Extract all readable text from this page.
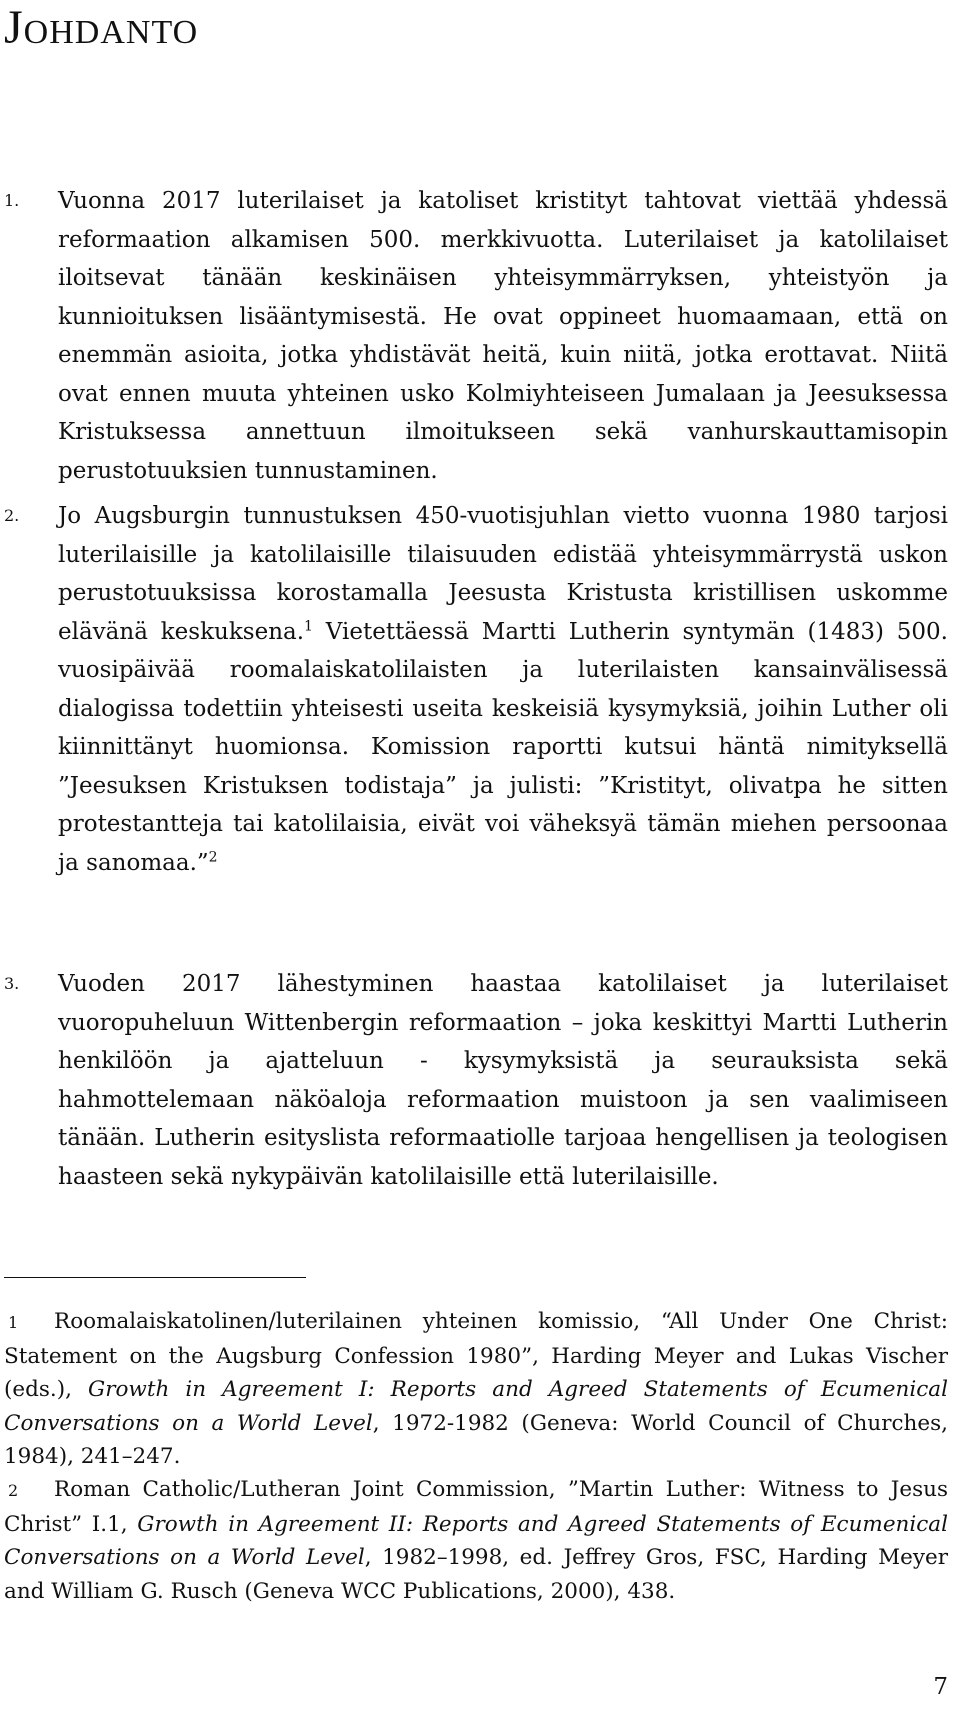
Johdanto
1. Vuonna 2017 luterilaiset ja katoliset kristityt tahtovat viettää yhdessä reformaation alkamisen 500. merkkivuotta. Luterilaiset ja katolilaiset iloitsevat tänään keskinäisen yhteisymmärryksen, yhteistyön ja kunnioituksen lisääntymisestä. He ovat oppineet huomaamaan, että on enemmän asioita, jotka yhdistävät heitä, kuin niitä, jotka erottavat. Niitä ovat ennen muuta yhteinen usko Kolmiyhteiseen Jumalaan ja Jeesuksessa Kristuksessa annettuun ilmoitukseen sekä vanhurskauttamisopin perustotuuksien tunnustaminen.

2. Jo Augsburgin tunnustuksen 450-vuotisjuhlan vietto vuonna 1980 tarjosi luterilaisille ja katolilaisille tilaisuuden edistää yhteisymmärrystä uskon perustotuuksissa korostamalla Jeesusta Kristusta kristillisen uskomme elävänä keskuksena.$^1$ Vietettäessä Martti Lutherin syntymän (1483) 500. vuosipäivää roomalaiskatolilaisten ja luterilaisten kansainvälisessä dialogissa todettiin yhteisesti useita keskeisiä kysymyksiä, joihin Luther oli kiinnittänyt huomionsa. Komission raportti kutsui häntä nimityksellä ”Jeesuksen Kristuksen todistaja” ja julisti: ”Kristityt, olivatpa he sitten protestantteja tai katolilaisia, eivät voi väheksyä tämän miehen persoonaa ja sanomaa.”$^2$

3. Vuoden 2017 lähestyminen haastaa katolilaiset ja luterilaiset vuoropuheluun Wittenbergin reformaation – joka keskittyi Martti Lutherin henkilöön ja ajatteluun - kysymyksistä ja seurauksista sekä hahmottelemaan näköaloja reformaation muistoon ja sen vaalimiseen tänään. Lutherin esityslista reformaatiolle tarjoaa hengellisen ja teologisen haasteen sekä nykypäivän katolilaisille että luterilaisille.

1 Roomalaiskatolinen/luterilainen yhteinen komissio, “All Under One Christ: Statement on the Augsburg Confession 1980”, Harding Meyer and Lukas Vischer (eds.), Growth in Agreement I: Reports and Agreed Statements of Ecumenical Conversations on a World Level, 1972-1982 (Geneva: World Council of Churches, 1984), 241–247.

2 Roman Catholic/Lutheran Joint Commission, ”Martin Luther: Witness to Jesus Christ” I.1, Growth in Agreement II: Reports and Agreed Statements of Ecumenical Conversations on a World Level, 1982–1998, ed. Jeffrey Gros, FSC, Harding Meyer and William G. Rusch (Geneva WCC Publications, 2000), 438.

7
